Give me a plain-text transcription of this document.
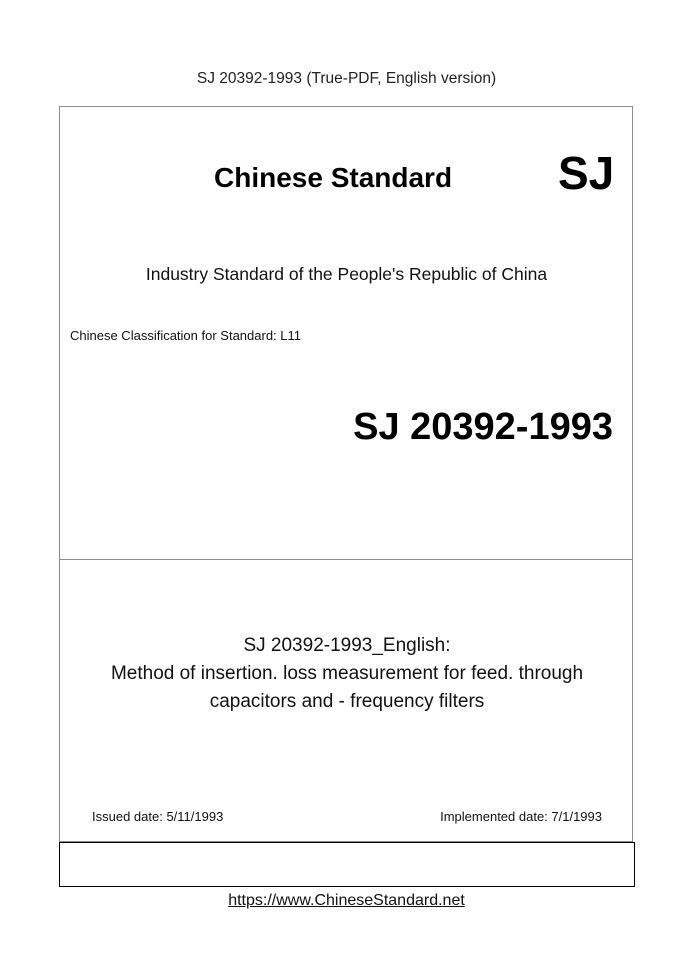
SJ 20392-1993 (True-PDF, English version)
Chinese Standard SJ
Industry Standard of the People's Republic of China
Chinese Classification for Standard: L11
SJ 20392-1993
SJ 20392-1993_English:
Method of insertion. loss measurement for feed. through
capacitors and - frequency filters
Issued date: 5/11/1993	Implemented date: 7/1/1993
https://www.ChineseStandard.net
